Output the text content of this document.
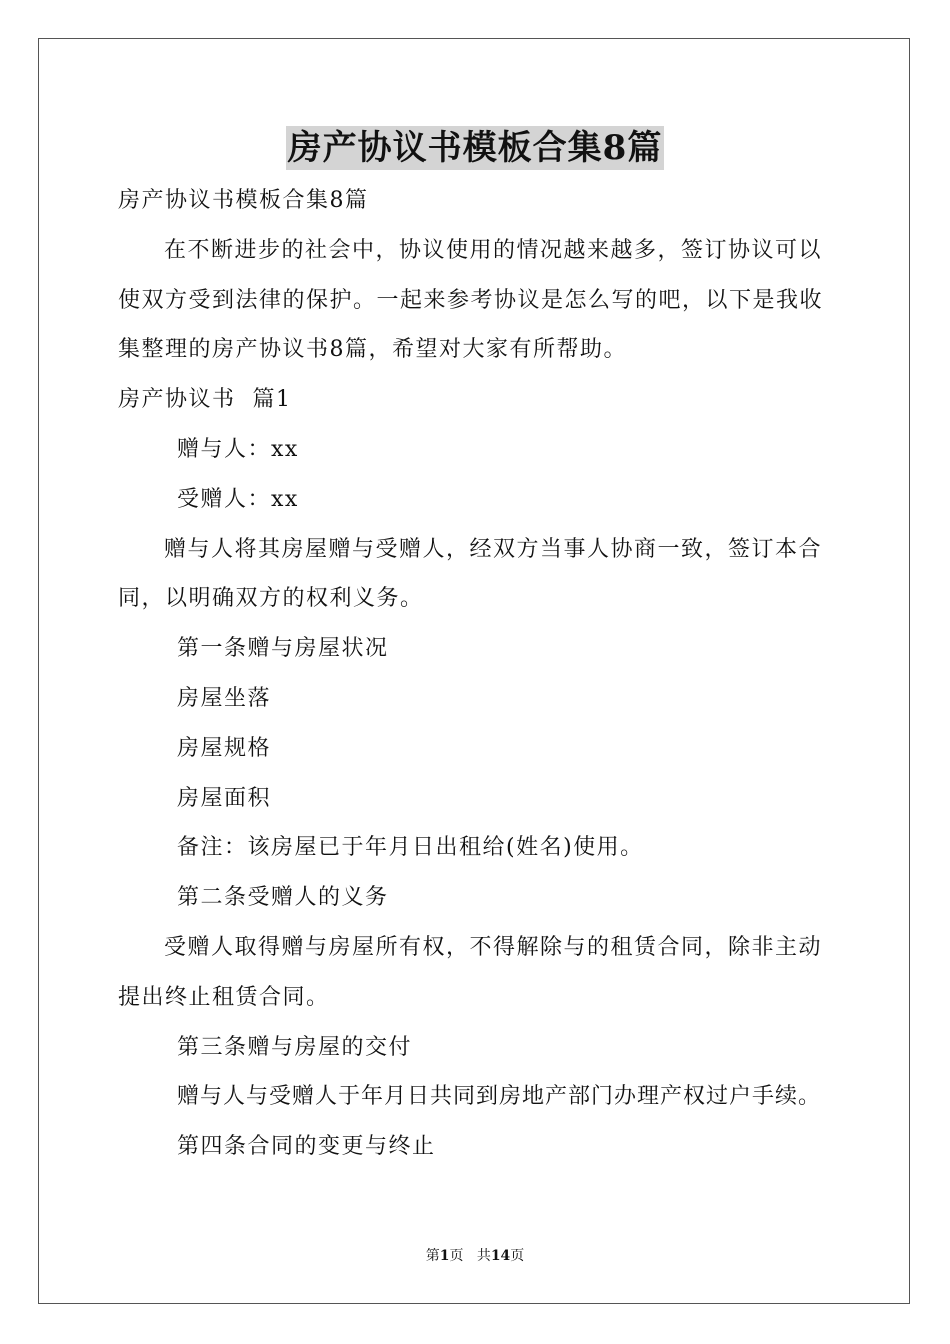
房产协议书模板合集8篇

房产协议书模板合集8篇

在不断进步的社会中，协议使用的情况越来越多，签订协议可以使双方受到法律的保护。一起来参考协议是怎么写的吧，以下是我收集整理的房产协议书8篇，希望对大家有所帮助。

房产协议书  篇1

赠与人：xx

受赠人：xx

赠与人将其房屋赠与受赠人，经双方当事人协商一致，签订本合同，以明确双方的权利义务。

第一条赠与房屋状况

房屋坐落

房屋规格

房屋面积

备注：该房屋已于年月日出租给(姓名)使用。

第二条受赠人的义务

受赠人取得赠与房屋所有权，不得解除与的租赁合同，除非主动提出终止租赁合同。

第三条赠与房屋的交付

赠与人与受赠人于年月日共同到房地产部门办理产权过户手续。

第四条合同的变更与终止

第1页 共14页
